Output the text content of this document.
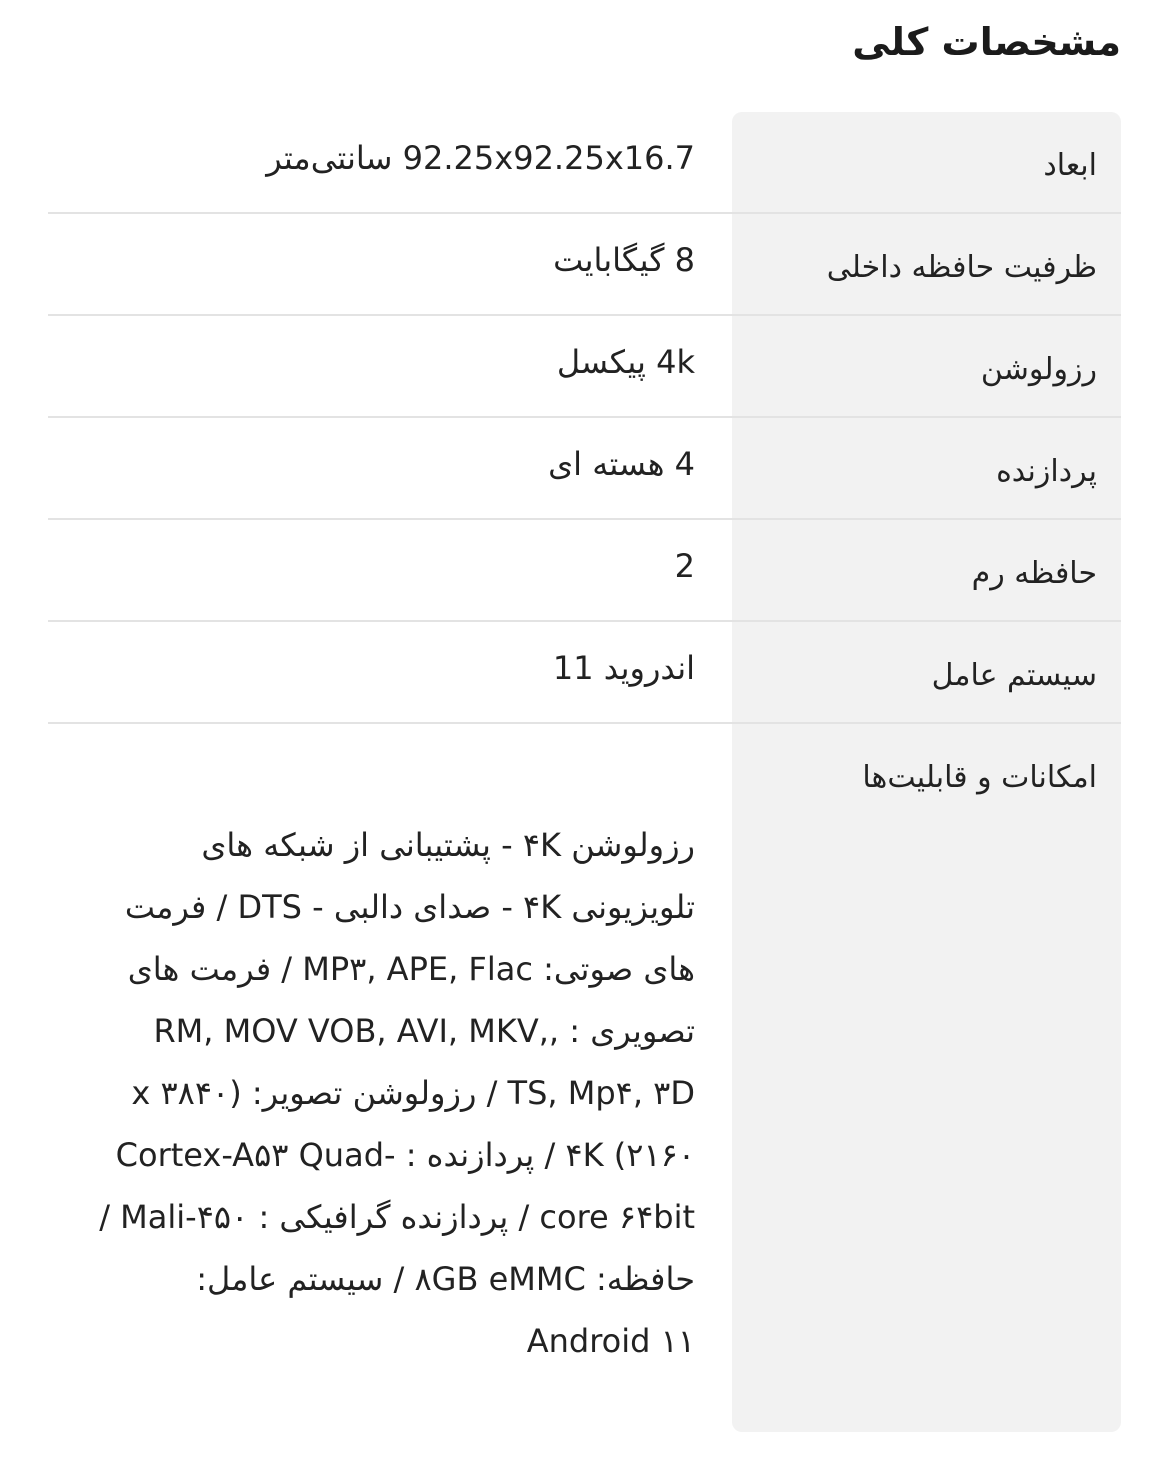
مشخصات کلی
ابعاد
92.25x92.25x16.7 سانتی‌متر
ظرفیت حافظه داخلی
8 گیگابایت
رزولوشن
4k پیکسل
پردازنده
4 هسته ای
حافظه رم
2
سیستم عامل
اندروید 11
امکانات و قابلیت‌ها
رزولوشن ۴K - پشتیبانی از شبکه های تلویزیونی ۴K - صدای دالبی - DTS / فرمت های صوتی: MP۳, APE, Flac / فرمت های تصویری : ,RM, MOV VOB, AVI, MKV, TS, Mp۴, ۳D / رزولوشن تصویر: (۳۸۴۰ x ۲۱۶۰) ۴K / پردازنده : Cortex-A۵۳ Quad-core ۶۴bit / پردازنده گرافیکی : Mali-۴۵۰ / حافظه: ۸GB eMMC / سیستم عامل: Android ۱۱
